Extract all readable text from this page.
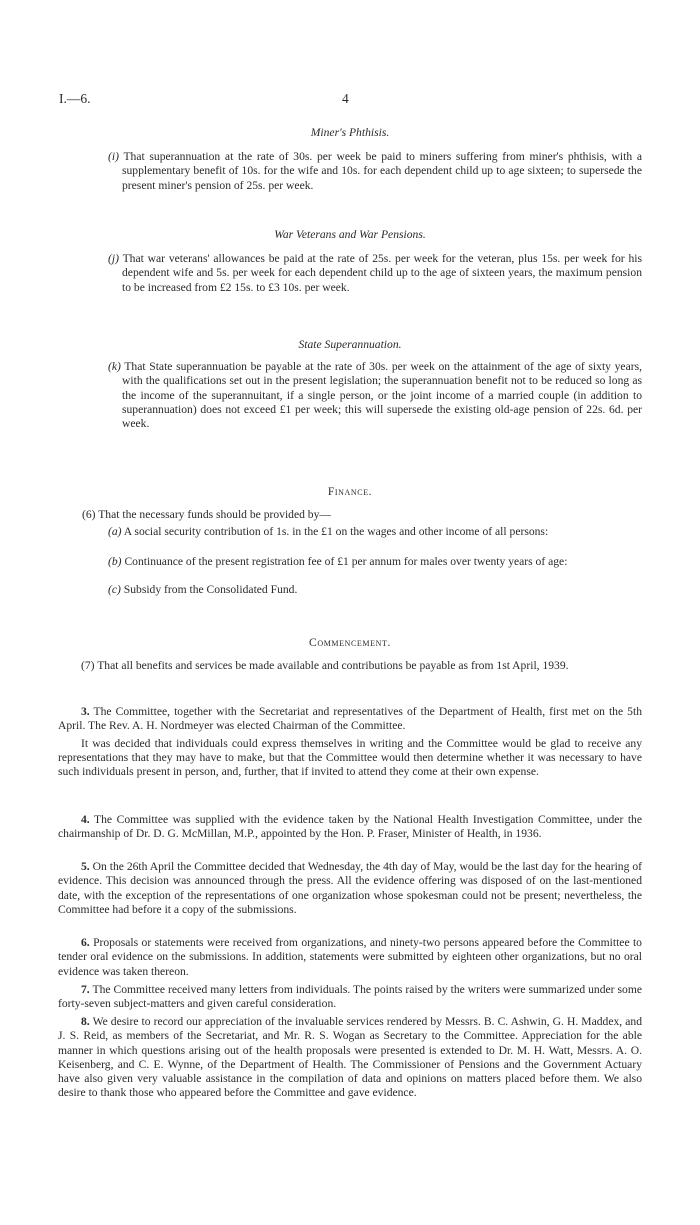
I.—6.	4
Miner's Phthisis.
(i) That superannuation at the rate of 30s. per week be paid to miners suffering from miner's phthisis, with a supplementary benefit of 10s. for the wife and 10s. for each dependent child up to age sixteen; to supersede the present miner's pension of 25s. per week.
War Veterans and War Pensions.
(j) That war veterans' allowances be paid at the rate of 25s. per week for the veteran, plus 15s. per week for his dependent wife and 5s. per week for each dependent child up to the age of sixteen years, the maximum pension to be increased from £2 15s. to £3 10s. per week.
State Superannuation.
(k) That State superannuation be payable at the rate of 30s. per week on the attainment of the age of sixty years, with the qualifications set out in the present legislation; the superannuation benefit not to be reduced so long as the income of the superannuitant, if a single person, or the joint income of a married couple (in addition to superannuation) does not exceed £1 per week; this will supersede the existing old-age pension of 22s. 6d. per week.
Finance.
(6) That the necessary funds should be provided by—
(a) A social security contribution of 1s. in the £1 on the wages and other income of all persons:
(b) Continuance of the present registration fee of £1 per annum for males over twenty years of age:
(c) Subsidy from the Consolidated Fund.
Commencement.

(7) That all benefits and services be made available and contributions be payable as from 1st April, 1939.

3. The Committee, together with the Secretariat and representatives of the Department of Health, first met on the 5th April. The Rev. A. H. Nordmeyer was elected Chairman of the Committee.

It was decided that individuals could express themselves in writing and the Committee would be glad to receive any representations that they may have to make, but that the Committee would then determine whether it was necessary to have such individuals present in person, and, further, that if invited to attend they come at their own expense.

4. The Committee was supplied with the evidence taken by the National Health Investigation Committee, under the chairmanship of Dr. D. G. McMillan, M.P., appointed by the Hon. P. Fraser, Minister of Health, in 1936.

5. On the 26th April the Committee decided that Wednesday, the 4th day of May, would be the last day for the hearing of evidence. This decision was announced through the press. All the evidence offering was disposed of on the last-mentioned date, with the exception of the representations of one organization whose spokesman could not be present; nevertheless, the Committee had before it a copy of the submissions.

6. Proposals or statements were received from organizations, and ninety-two persons appeared before the Committee to tender oral evidence on the submissions. In addition, statements were submitted by eighteen other organizations, but no oral evidence was taken thereon.

7. The Committee received many letters from individuals. The points raised by the writers were summarized under some forty-seven subject-matters and given careful consideration.

8. We desire to record our appreciation of the invaluable services rendered by Messrs. B. C. Ashwin, G. H. Maddex, and J. S. Reid, as members of the Secretariat, and Mr. R. S. Wogan as Secretary to the Committee. Appreciation for the able manner in which questions arising out of the health proposals were presented is extended to Dr. M. H. Watt, Messrs. A. O. Keisenberg, and C. E. Wynne, of the Department of Health. The Commissioner of Pensions and the Government Actuary have also given very valuable assistance in the compilation of data and opinions on matters placed before them. We also desire to thank those who appeared before the Committee and gave evidence.
